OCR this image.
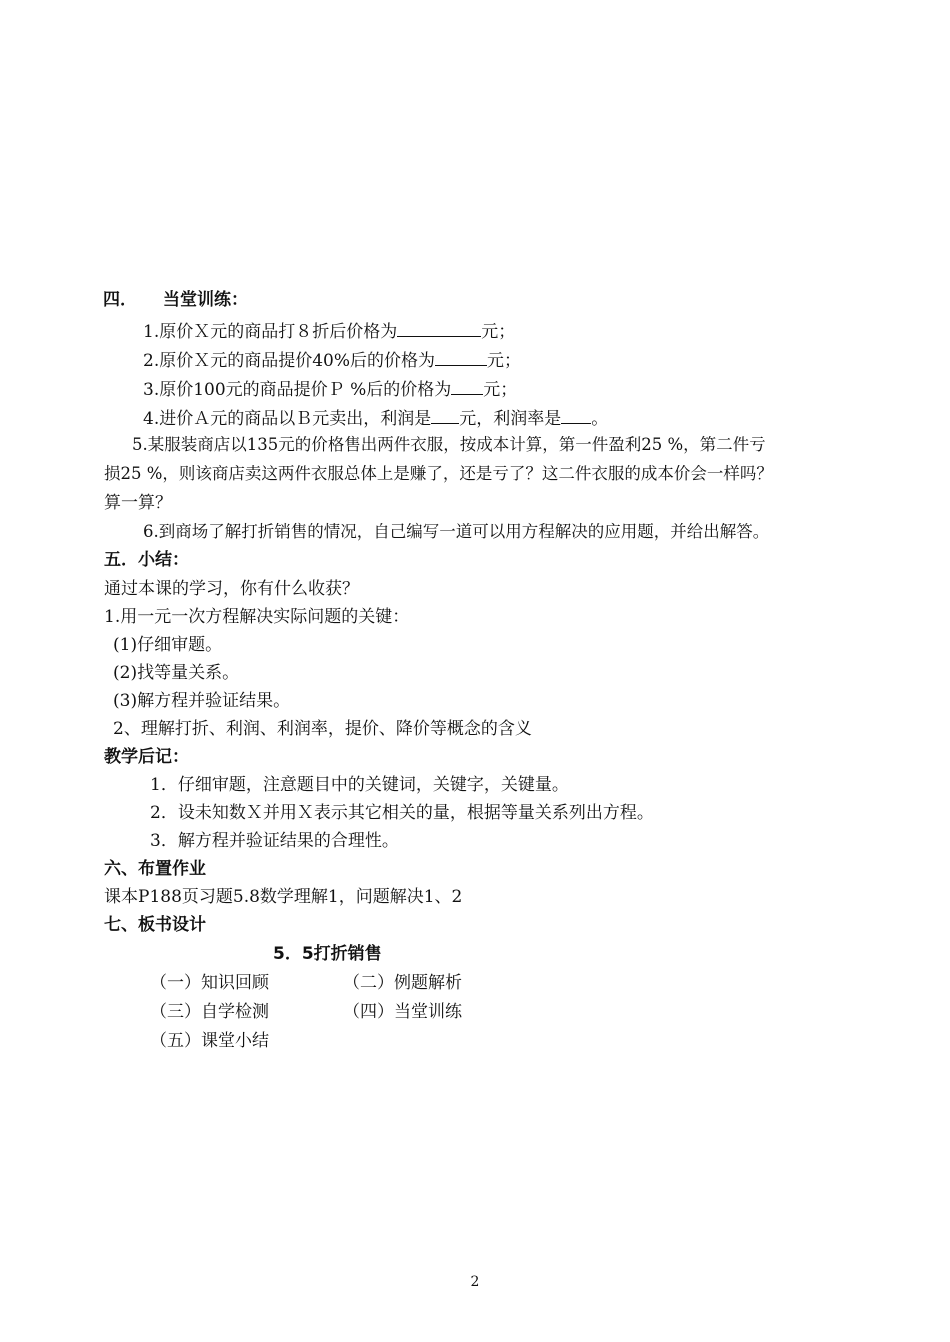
四． 当堂训练：
1.原价Ｘ元的商品打８折后价格为	元；
2.原价Ｘ元的商品提价40%后的价格为	元；
3.原价100元的商品提价Ｐ %后的价格为 元；
4.进价Ａ元的商品以Ｂ元卖出，利润是 元，利润率是 。
5.某服装商店以135元的价格售出两件衣服，按成本计算，第一件盈利25 %，第二件亏
损25 %，则该商店卖这两件衣服总体上是赚了，还是亏了？这二件衣服的成本价会一样吗？
算一算？
6.到商场了解打折销售的情况，自己编写一道可以用方程解决的应用题，并给出解答。
五．小结：
通过本课的学习，你有什么收获？
1.用一元一次方程解决实际问题的关键：
(1)仔细审题。
(2)找等量关系。
(3)解方程并验证结果。
2、理解打折、利润、利润率，提价、降价等概念的含义
教学后记：
1．仔细审题，注意题目中的关键词，关键字，关键量。
2．设未知数Ｘ并用Ｘ表示其它相关的量，根据等量关系列出方程。
3．解方程并验证结果的合理性。
六、布置作业
课本P188页习题5.8数学理解1，问题解决1、2
七、板书设计
5．5打折销售
（一）知识回顾	（二）例题解析
（三）自学检测	（四）当堂训练
（五）课堂小结
2
